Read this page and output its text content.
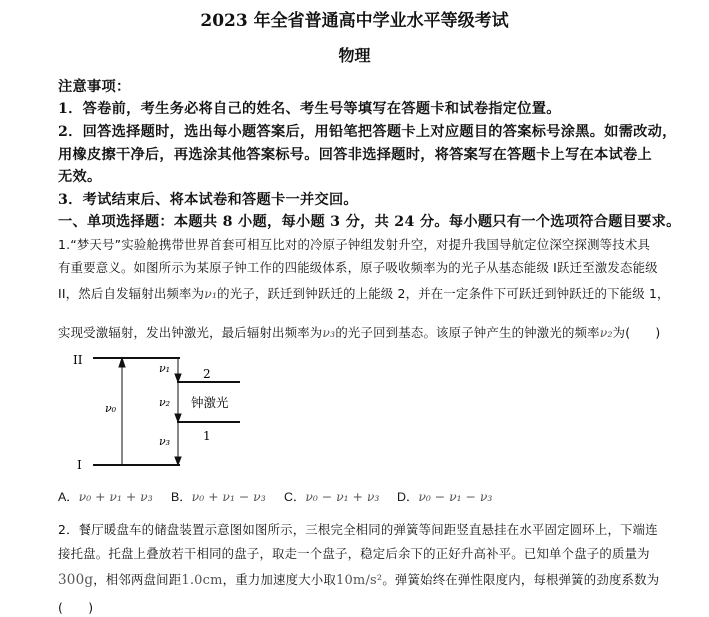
2023 年全省普通高中学业水平等级考试
物理
注意事项：
1．答卷前，考生务必将自己的姓名、考生号等填写在答题卡和试卷指定位置。
2．回答选择题时，选出每小题答案后，用铅笔把答题卡上对应题目的答案标号涂黑。如需改动，
用橡皮擦干净后，再选涂其他答案标号。回答非选择题时，将答案写在答题卡上写在本试卷上
无效。
3．考试结束后、将本试卷和答题卡一并交回。
一、单项选择题：本题共 8 小题，每小题 3 分，共 24 分。每小题只有一个选项符合题目要求。
1.“梦天号”实验舱携带世界首套可相互比对的冷原子钟组发射升空，对提升我国导航定位深空探测等技术具
有重要意义。如图所示为某原子钟工作的四能级体系，原子吸收频率为的光子从基态能级 I跃迁至激发态能级
II，然后自发辐射出频率为ν₁的光子，跃迁到钟跃迁的上能级 2，并在一定条件下可跃迁到钟跃迁的下能级 1，
实现受激辐射，发出钟激光，最后辐射出频率为ν₃的光子回到基态。该原子钟产生的钟激光的频率ν₂为(　　)
II
2
1
I
ν₀
ν₁
ν₂
ν₃
钟激光
A．ν₀ + ν₁ + ν₃ B．ν₀ + ν₁ − ν₃ C．ν₀ − ν₁ + ν₃ D．ν₀ − ν₁ − ν₃
2．餐厅暖盘车的储盘装置示意图如图所示，三根完全相同的弹簧等间距竖直悬挂在水平固定圆环上，下端连
接托盘。托盘上叠放若干相同的盘子，取走一个盘子，稳定后余下的正好升高补平。已知单个盘子的质量为
300g，相邻两盘间距1.0cm，重力加速度大小取10m/s²。弹簧始终在弹性限度内，每根弹簧的劲度系数为
(　　)
